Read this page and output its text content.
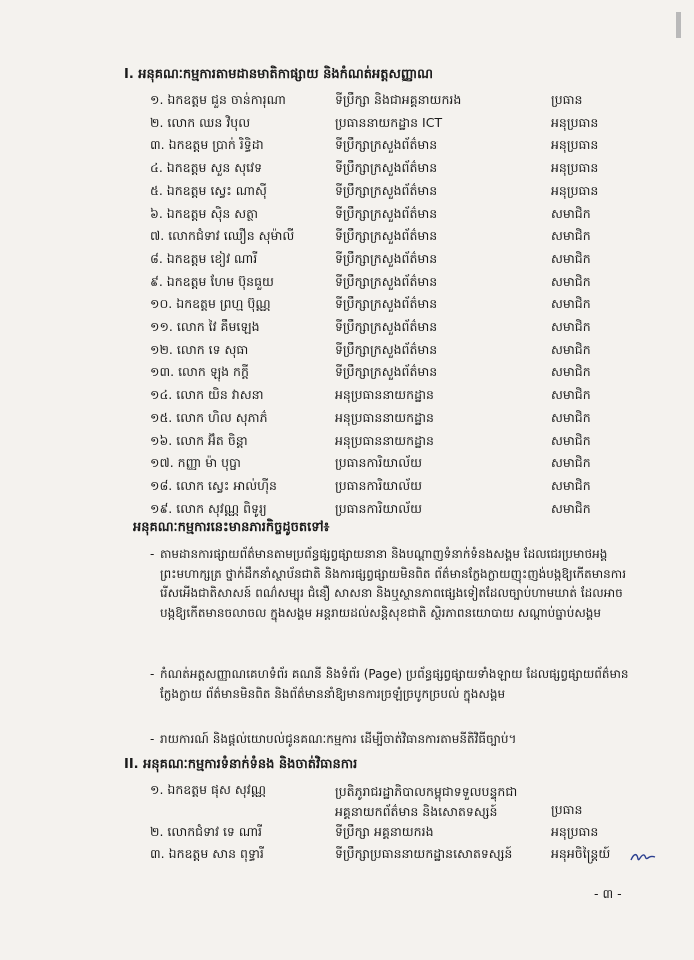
I. អនុគណៈកម្មការតាមដានមាតិកាផ្សាយ និងកំណត់អត្តសញ្ញាណ
១. ឯកឧត្តម ជួន ចាន់ការុណា	ទីប្រឹក្សា និងជាអគ្គនាយករង	ប្រធាន
២. លោក ឈន វិបុល	ប្រធាននាយកដ្ឋាន ICT	អនុប្រធាន
៣. ឯកឧត្តម ប្រាក់ រិទ្ធិដា	ទីប្រឹក្សាក្រសួងព័ត៌មាន	អនុប្រធាន
៤. ឯកឧត្តម សួន សុវេទ	ទីប្រឹក្សាក្រសួងព័ត៌មាន	អនុប្រធាន
៥. ឯកឧត្តម ស្វេះ ណាស៊ី	ទីប្រឹក្សាក្រសួងព័ត៌មាន	អនុប្រធាន
៦. ឯកឧត្តម ស៊ិន សត្ថា	ទីប្រឹក្សាក្រសួងព័ត៌មាន	សមាជិក
៧. លោកជំទាវ ឈឿន សុម៉ាលី	ទីប្រឹក្សាក្រសួងព័ត៌មាន	សមាជិក
៨. ឯកឧត្តម ខៀវ ណារី	ទីប្រឹក្សាក្រសួងព័ត៌មាន	សមាជិក
៩. ឯកឧត្តម ហែម ប៊ុនធួយ	ទីប្រឹក្សាក្រសួងព័ត៌មាន	សមាជិក
១០. ឯកឧត្តម ព្រហ្ម ប៊ុណ្ណ	ទីប្រឹក្សាក្រសួងព័ត៌មាន	សមាជិក
១១. លោក វៃ គឹមឡេង	ទីប្រឹក្សាក្រសួងព័ត៌មាន	សមាជិក
១២. លោក ទេ សុធា	ទីប្រឹក្សាក្រសួងព័ត៌មាន	សមាជិក
១៣. លោក ឡុង កក្តី	ទីប្រឹក្សាក្រសួងព័ត៌មាន	សមាជិក
១៤. លោក យិន វាសនា	អនុប្រធាននាយកដ្ឋាន	សមាជិក
១៥. លោក ហិល សុភាភ៌	អនុប្រធាននាយកដ្ឋាន	សមាជិក
១៦. លោក អ៊ិត ចិន្តា	អនុប្រធាននាយកដ្ឋាន	សមាជិក
១៧. កញ្ញា ម៉ា បុប្ផា	ប្រធានការិយាល័យ	សមាជិក
១៨. លោក ស្វេះ អាល់ហ៊ីន	ប្រធានការិយាល័យ	សមាជិក
១៩. លោក សុវណ្ណ ពិទូរ្យ	ប្រធានការិយាល័យ	សមាជិក
អនុគណៈកម្មការនេះមានភារកិច្ចដូចតទៅ៖
- តាមដានការផ្សាយព័ត៌មានតាមប្រព័ន្ធផ្សព្វផ្សាយនានា និងបណ្តាញទំនាក់ទំនងសង្គម ដែលជេរប្រមាថអង្គព្រះមហាក្សត្រ ថ្នាក់ដឹកនាំស្ថាប័នជាតិ និងការផ្សព្វផ្សាយមិនពិត ព័ត៌មានក្លែងក្លាយញុះញង់បង្កឱ្យកើតមានការរើសអើងជាតិសាសន៍ ពណ៌សម្បុរ ជំនឿ សាសនា និងឬស្ថានភាពផ្សេងទៀតដែលច្បាប់ហាមឃាត់ ដែលអាចបង្កឱ្យកើតមានចលាចល ក្នុងសង្គម អន្តរាយដល់សន្តិសុខជាតិ ស្ថិរភាពនយោបាយ សណ្តាប់ធ្នាប់សង្គម
- កំណត់អត្តសញ្ញាណគេហទំព័រ គណនី និងទំព័រ (Page) ប្រព័ន្ធផ្សព្វផ្សាយទាំងឡាយ ដែលផ្សព្វផ្សាយព័ត៌មានក្លែងក្លាយ ព័ត៌មានមិនពិត និងព័ត៌មាននាំឱ្យមានការច្រឡំច្របូកច្របល់ ក្នុងសង្គម
- រាយការណ៍ និងផ្តល់យោបល់ជូនគណៈកម្មការ ដើម្បីចាត់វិធានការតាមនីតិវិធីច្បាប់។
II. អនុគណៈកម្មការទំនាក់ទំនង និងចាត់វិធានការ
១. ឯកឧត្តម ផុស សុវណ្ណ	ប្រតិភូរាជរដ្ឋាភិបាលកម្ពុជាទទួលបន្ទុកជា
អគ្គនាយកព័ត៌មាន និងសោតទស្សន៍	ប្រធាន
២. លោកជំទាវ ទេ ណារី	ទីប្រឹក្សា អគ្គនាយករង	អនុប្រធាន
៣. ឯកឧត្តម សាន ពុទ្ធារី	ទីប្រឹក្សាប្រធាននាយកដ្ឋានសោតទស្សន៍	អនុអចិន្ត្រៃយ៍
- ៣ -
